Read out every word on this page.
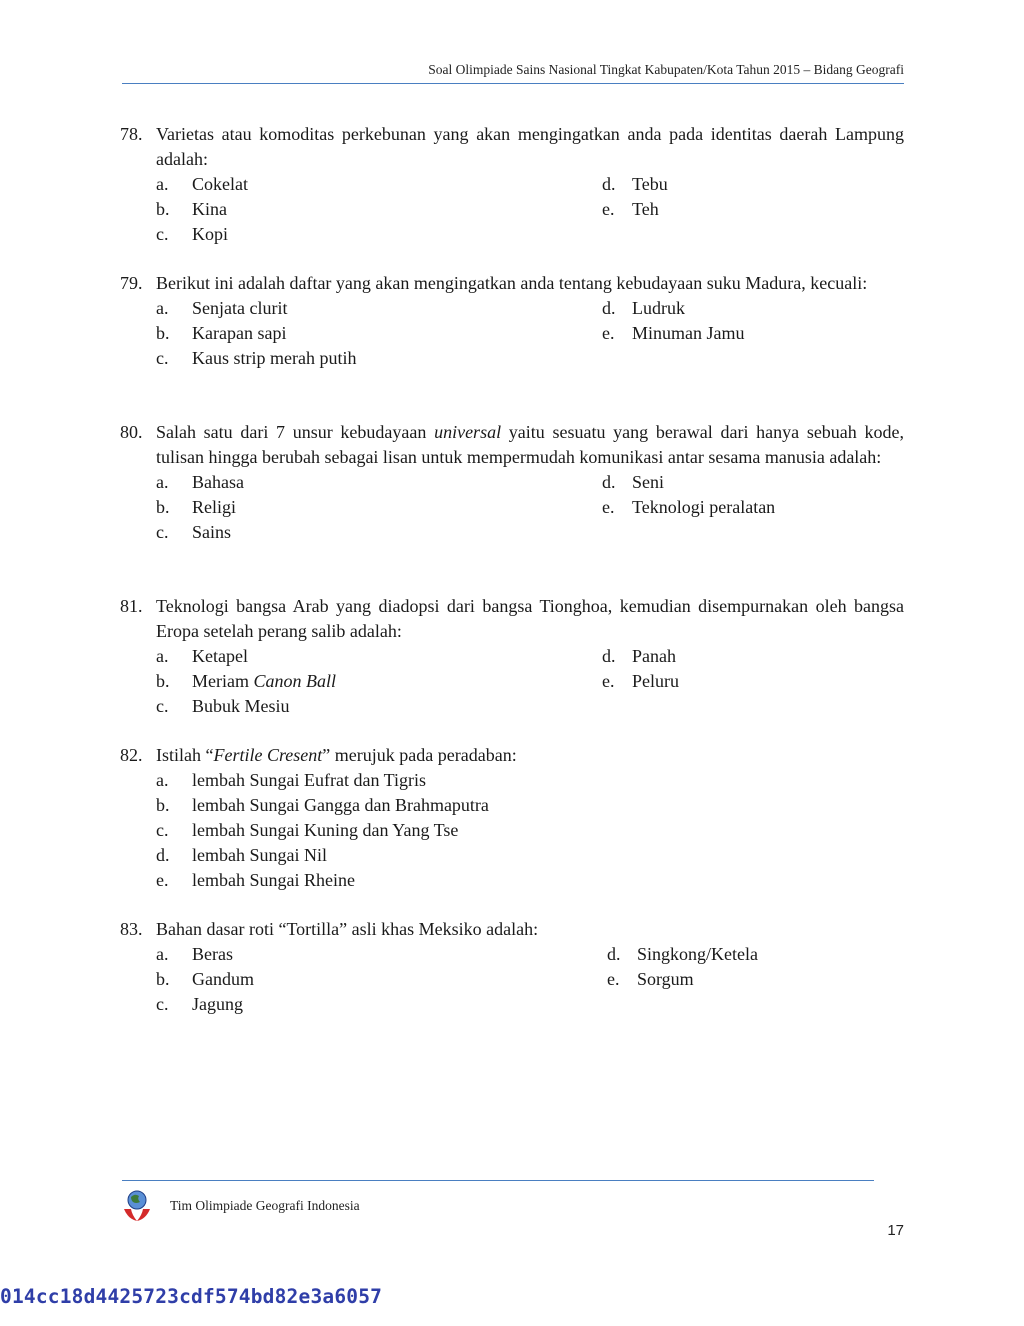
Soal Olimpiade Sains Nasional Tingkat Kabupaten/Kota Tahun 2015 – Bidang Geografi
78. Varietas atau komoditas perkebunan yang akan mengingatkan anda pada identitas daerah Lampung adalah:
a. Cokelat
b. Kina
c. Kopi
d. Tebu
e. Teh
79. Berikut ini adalah daftar yang akan mengingatkan anda tentang kebudayaan suku Madura, kecuali:
a. Senjata clurit
b. Karapan sapi
c. Kaus strip merah putih
d. Ludruk
e. Minuman Jamu
80. Salah satu dari 7 unsur kebudayaan universal yaitu sesuatu yang berawal dari hanya sebuah kode, tulisan hingga berubah sebagai lisan untuk mempermudah komunikasi antar sesama manusia adalah:
a. Bahasa
b. Religi
c. Sains
d. Seni
e. Teknologi peralatan
81. Teknologi bangsa Arab yang diadopsi dari bangsa Tionghoa, kemudian disempurnakan oleh bangsa Eropa setelah perang salib adalah:
a. Ketapel
b. Meriam Canon Ball
c. Bubuk Mesiu
d. Panah
e. Peluru
82. Istilah “Fertile Cresent” merujuk pada peradaban:
a. lembah Sungai Eufrat dan Tigris
b. lembah Sungai Gangga dan Brahmaputra
c. lembah Sungai Kuning dan Yang Tse
d. lembah Sungai Nil
e. lembah Sungai Rheine
83. Bahan dasar roti “Tortilla” asli khas Meksiko adalah:
a. Beras
b. Gandum
c. Jagung
d. Singkong/Ketela
e. Sorgum
Tim Olimpiade Geografi Indonesia
17
014cc18d4425723cdf574bd82e3a6057
